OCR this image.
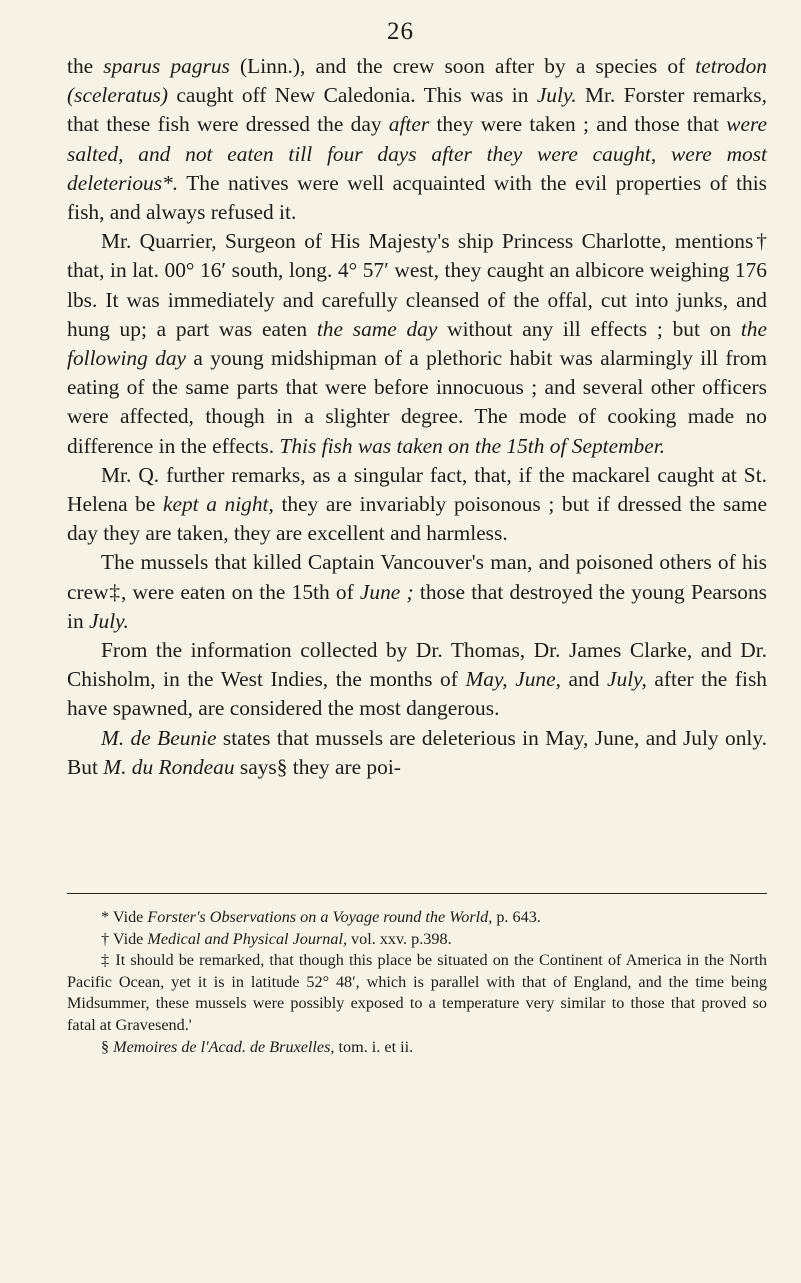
26

the sparus pagrus (Linn.), and the crew soon after by a species of tetrodon (sceleratus) caught off New Caledonia. This was in July. Mr. Forster remarks, that these fish were dressed the day after they were taken ; and those that were salted, and not eaten till four days after they were caught, were most deleterious*. The natives were well acquainted with the evil properties of this fish, and always refused it.

Mr. Quarrier, Surgeon of His Majesty's ship Princess Charlotte, mentions† that, in lat. 00° 16′ south, long. 4° 57′ west, they caught an albicore weighing 176 lbs. It was immediately and carefully cleansed of the offal, cut into junks, and hung up; a part was eaten the same day without any ill effects ; but on the following day a young midshipman of a plethoric habit was alarmingly ill from eating of the same parts that were before innocuous ; and several other officers were affected, though in a slighter degree. The mode of cooking made no difference in the effects. This fish was taken on the 15th of September.

Mr. Q. further remarks, as a singular fact, that, if the mackarel caught at St. Helena be kept a night, they are invariably poisonous ; but if dressed the same day they are taken, they are excellent and harmless.

The mussels that killed Captain Vancouver's man, and poisoned others of his crew‡, were eaten on the 15th of June ; those that destroyed the young Pearsons in July.

From the information collected by Dr. Thomas, Dr. James Clarke, and Dr. Chisholm, in the West Indies, the months of May, June, and July, after the fish have spawned, are considered the most dangerous.

M. de Beunie states that mussels are deleterious in May, June, and July only. But M. du Rondeau says§ they are poi-

* Vide Forster's Observations on a Voyage round the World, p. 643.

† Vide Medical and Physical Journal, vol. xxv. p.398.

‡ It should be remarked, that though this place be situated on the Continent of America in the North Pacific Ocean, yet it is in latitude 52° 48′, which is parallel with that of England, and the time being Midsummer, these mussels were possibly exposed to a temperature very similar to those that proved so fatal at Gravesend.'

§ Memoires de l'Acad. de Bruxelles, tom. i. et ii.
